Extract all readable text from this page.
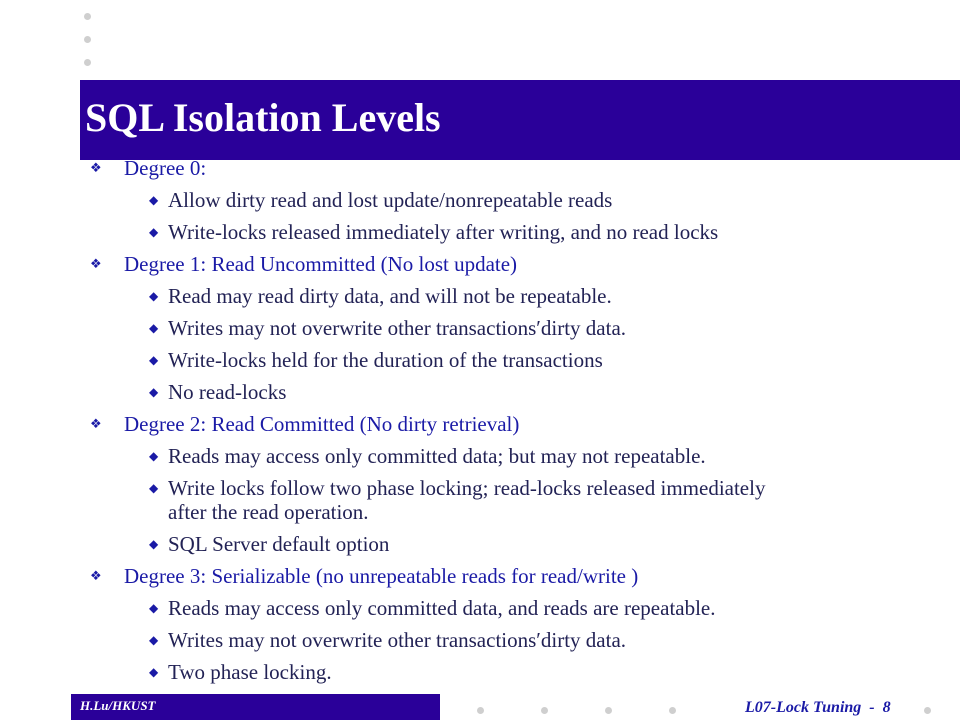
SQL Isolation Levels
❖ Degree 0:
◆ Allow dirty read and lost update/nonrepeatable reads
◆ Write-locks released immediately after writing, and no read locks
❖ Degree 1: Read Uncommitted (No lost update)
◆ Read may read dirty data, and will not be repeatable.
◆ Writes may not overwrite other transactions′dirty data.
◆ Write-locks held for the duration of the transactions
◆ No read-locks
❖ Degree 2: Read Committed (No dirty retrieval)
◆ Reads may access only committed data; but may not repeatable.
◆ Write locks follow two phase locking; read-locks released immediately after the read operation.
◆ SQL Server default option
❖ Degree 3: Serializable (no unrepeatable reads for read/write )
◆ Reads may access only committed data, and reads are repeatable.
◆ Writes may not overwrite other transactions′dirty data.
◆ Two phase locking.
H.Lu/HKUST	L07-Lock Tuning  -  8
